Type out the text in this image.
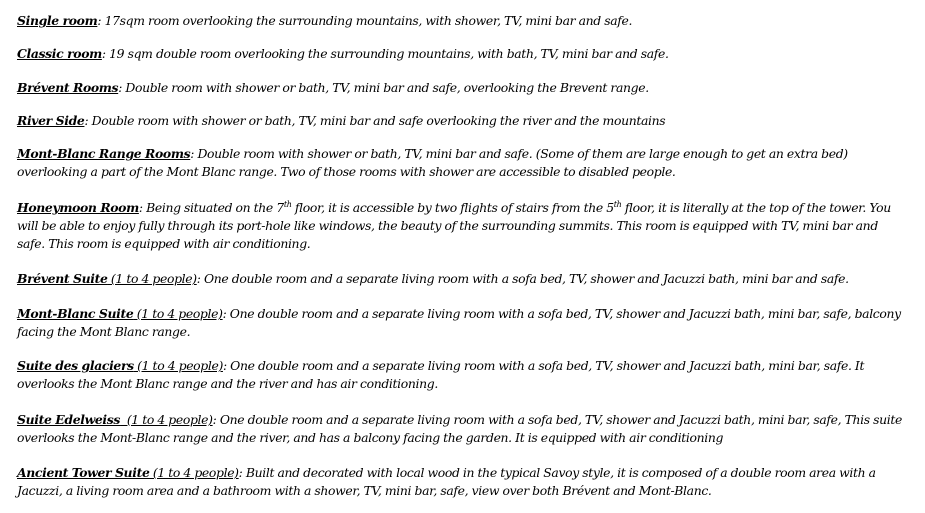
Single room: 17sqm room overlooking the surrounding mountains, with shower, TV, mini bar and safe.

Classic room: 19 sqm double room overlooking the surrounding mountains, with bath, TV, mini bar and safe.

Brévent Rooms: Double room with shower or bath, TV, mini bar and safe, overlooking the Brevent range.

River Side: Double room with shower or bath, TV, mini bar and safe overlooking the river and the mountains

Mont-Blanc Range Rooms: Double room with shower or bath, TV, mini bar and safe. (Some of them are large enough to get an extra bed) overlooking a part of the Mont Blanc range. Two of those rooms with shower are accessible to disabled people.

Honeymoon Room: Being situated on the 7th floor, it is accessible by two flights of stairs from the 5th floor, it is literally at the top of the tower. You will be able to enjoy fully through its port-hole like windows, the beauty of the surrounding summits. This room is equipped with TV, mini bar and safe. This room is equipped with air conditioning.

Brévent Suite (1 to 4 people): One double room and a separate living room with a sofa bed, TV, shower and Jacuzzi bath, mini bar and safe.

Mont-Blanc Suite (1 to 4 people): One double room and a separate living room with a sofa bed, TV, shower and Jacuzzi bath, mini bar, safe, balcony facing the Mont Blanc range.

Suite des glaciers (1 to 4 people): One double room and a separate living room with a sofa bed, TV, shower and Jacuzzi bath, mini bar, safe. It overlooks the Mont Blanc range and the river and has air conditioning.

Suite Edelweiss  (1 to 4 people): One double room and a separate living room with a sofa bed, TV, shower and Jacuzzi bath, mini bar, safe, This suite overlooks the Mont-Blanc range and the river, and has a balcony facing the garden. It is equipped with air conditioning

Ancient Tower Suite (1 to 4 people): Built and decorated with local wood in the typical Savoy style, it is composed of a double room area with a Jacuzzi, a living room area and a bathroom with a shower, TV, mini bar, safe, view over both Brévent and Mont-Blanc.
